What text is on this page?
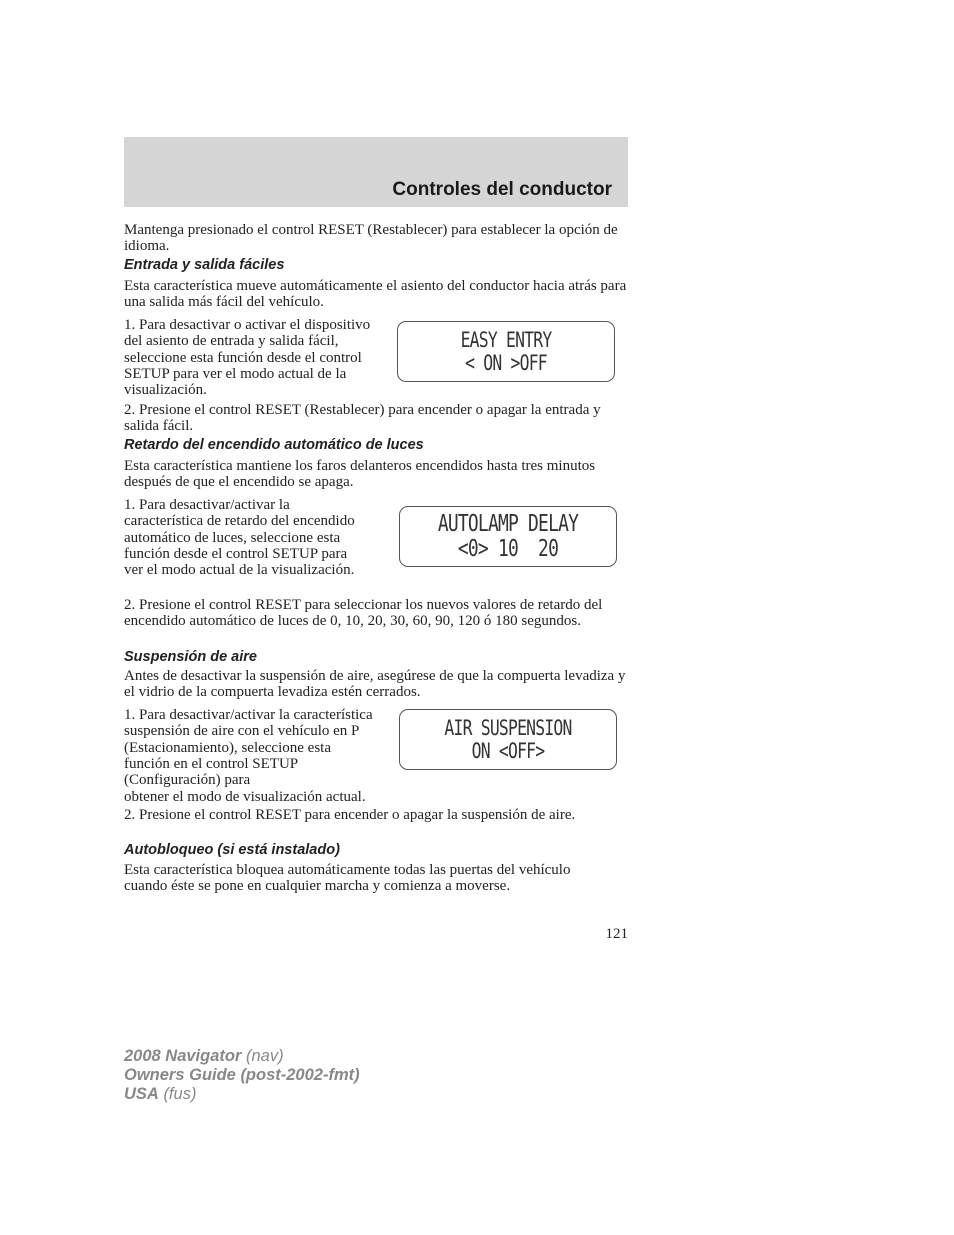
Controles del conductor

Mantenga presionado el control RESET (Restablecer) para establecer la opción de idioma.

Entrada y salida fáciles

Esta característica mueve automáticamente el asiento del conductor hacia atrás para una salida más fácil del vehículo.

1. Para desactivar o activar el dispositivo del asiento de entrada y salida fácil, seleccione esta función desde el control SETUP para ver el modo actual de la visualización.

EASY ENTRY
< ON >OFF

2. Presione el control RESET (Restablecer) para encender o apagar la entrada y salida fácil.

Retardo del encendido automático de luces

Esta característica mantiene los faros delanteros encendidos hasta tres minutos después de que el encendido se apaga.

1. Para desactivar/activar la característica de retardo del encendido automático de luces, seleccione esta función desde el control SETUP para ver el modo actual de la visualización.

AUTOLAMP DELAY
<0> 10  20

2. Presione el control RESET para seleccionar los nuevos valores de retardo del encendido automático de luces de 0, 10, 20, 30, 60, 90, 120 ó 180 segundos.

Suspensión de aire

Antes de desactivar la suspensión de aire, asegúrese de que la compuerta levadiza y el vidrio de la compuerta levadiza estén cerrados.

1. Para desactivar/activar la característica suspensión de aire con el vehículo en P (Estacionamiento), seleccione esta función en el control SETUP (Configuración) para

AIR SUSPENSION
ON <OFF>

obtener el modo de visualización actual.

2. Presione el control RESET para encender o apagar la suspensión de aire.

Autobloqueo (si está instalado)

Esta característica bloquea automáticamente todas las puertas del vehículo cuando éste se pone en cualquier marcha y comienza a moverse.

121

2008 Navigator (nav)
Owners Guide (post-2002-fmt)
USA (fus)
